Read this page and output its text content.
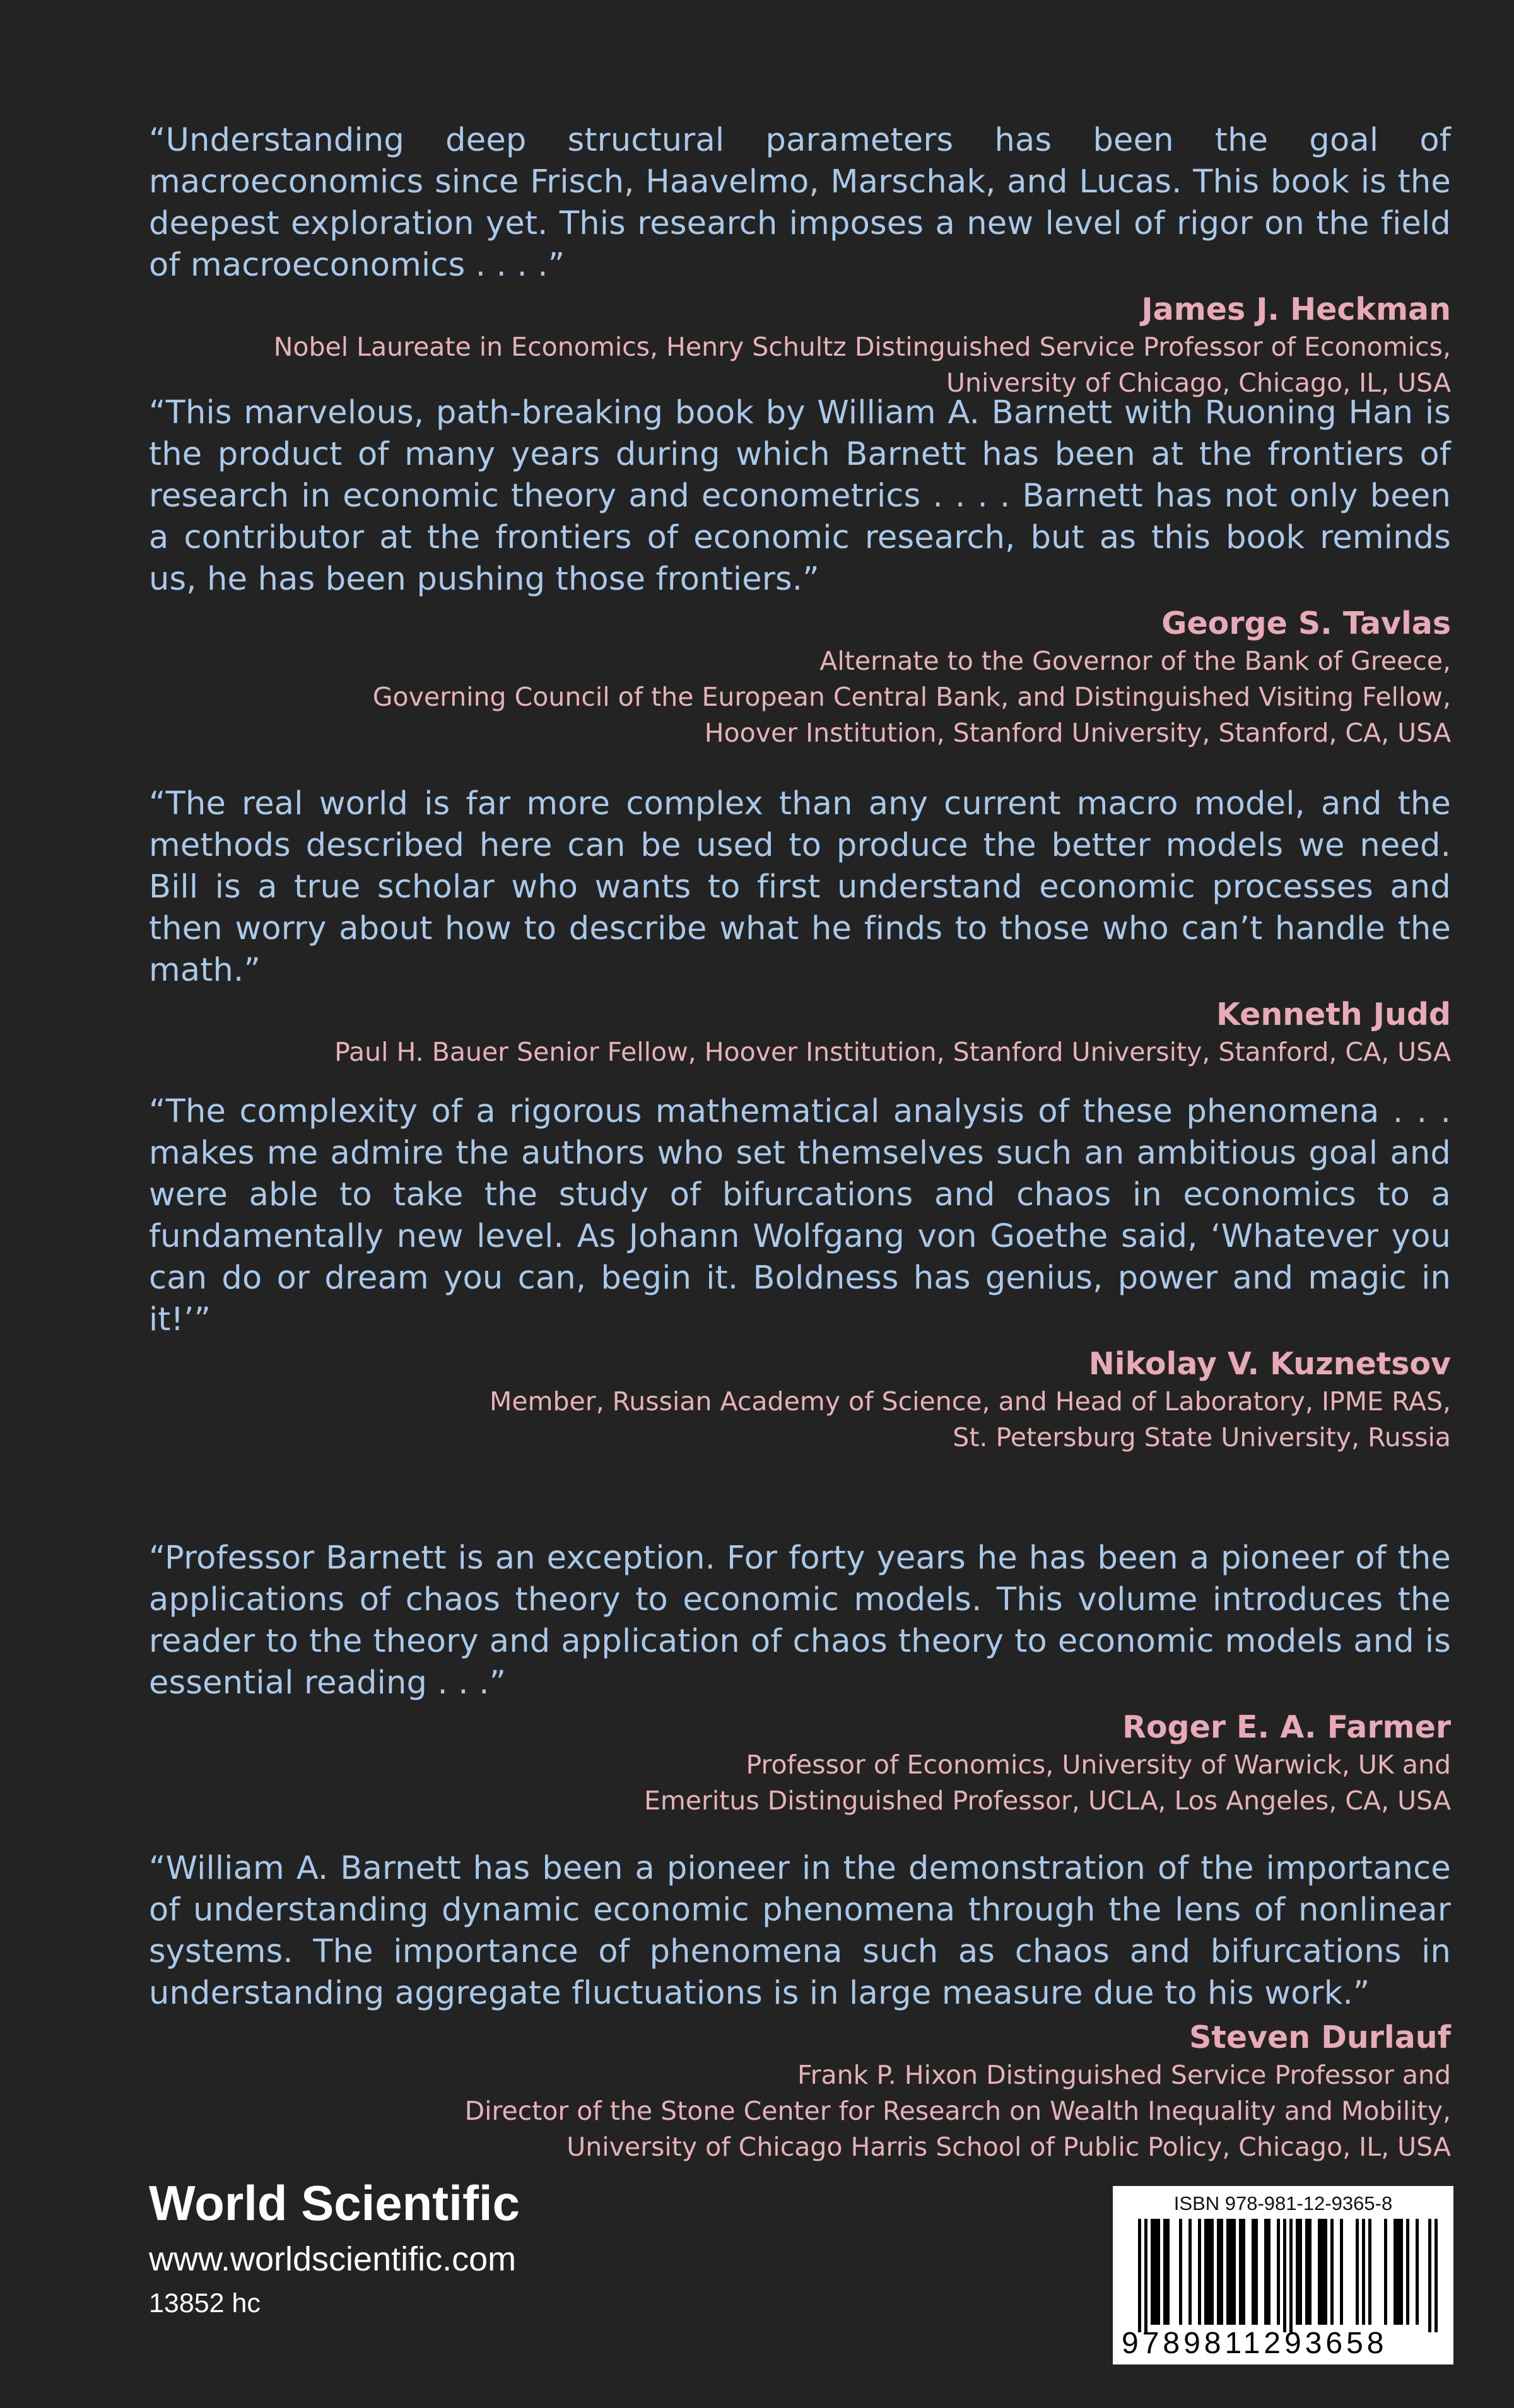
“Understanding deep structural parameters has been the goal of macroeconomics since Frisch, Haavelmo, Marschak, and Lucas. This book is the deepest exploration yet. This research imposes a new level of rigor on the field of macroeconomics . . . .”

James J. Heckman

Nobel Laureate in Economics, Henry Schultz Distinguished Service Professor of Economics,
University of Chicago, Chicago, IL, USA

“This marvelous, path-breaking book by William A. Barnett with Ruoning Han is the product of many years during which Barnett has been at the frontiers of research in economic theory and econometrics . . . . Barnett has not only been a contributor at the frontiers of economic research, but as this book reminds us, he has been pushing those frontiers.”

George S. Tavlas

Alternate to the Governor of the Bank of Greece,
Governing Council of the European Central Bank, and Distinguished Visiting Fellow,
Hoover Institution, Stanford University, Stanford, CA, USA

“The real world is far more complex than any current macro model, and the methods described here can be used to produce the better models we need. Bill is a true scholar who wants to first understand economic processes and then worry about how to describe what he finds to those who can’t handle the math.”

Kenneth Judd

Paul H. Bauer Senior Fellow, Hoover Institution, Stanford University, Stanford, CA, USA

“The complexity of a rigorous mathematical analysis of these phenomena . . . makes me admire the authors who set themselves such an ambitious goal and were able to take the study of bifurcations and chaos in economics to a fundamentally new level. As Johann Wolfgang von Goethe said, ‘Whatever you can do or dream you can, begin it. Boldness has genius, power and magic in it!’”

Nikolay V. Kuznetsov

Member, Russian Academy of Science, and Head of Laboratory, IPME RAS,
St. Petersburg State University, Russia

“Professor Barnett is an exception. For forty years he has been a pioneer of the applications of chaos theory to economic models. This volume introduces the reader to the theory and application of chaos theory to economic models and is essential reading . . .”

Roger E. A. Farmer

Professor of Economics, University of Warwick, UK and
Emeritus Distinguished Professor, UCLA, Los Angeles, CA, USA

“William A. Barnett has been a pioneer in the demonstration of the importance of understanding dynamic economic phenomena through the lens of nonlinear systems. The importance of phenomena such as chaos and bifurcations in understanding aggregate fluctuations is in large measure due to his work.”

Steven Durlauf

Frank P. Hixon Distinguished Service Professor and
Director of the Stone Center for Research on Wealth Inequality and Mobility,
University of Chicago Harris School of Public Policy, Chicago, IL, USA
World Scientific
www.worldscientific.com
13852 hc
ISBN 978-981-12-9365-8
9789811293658
